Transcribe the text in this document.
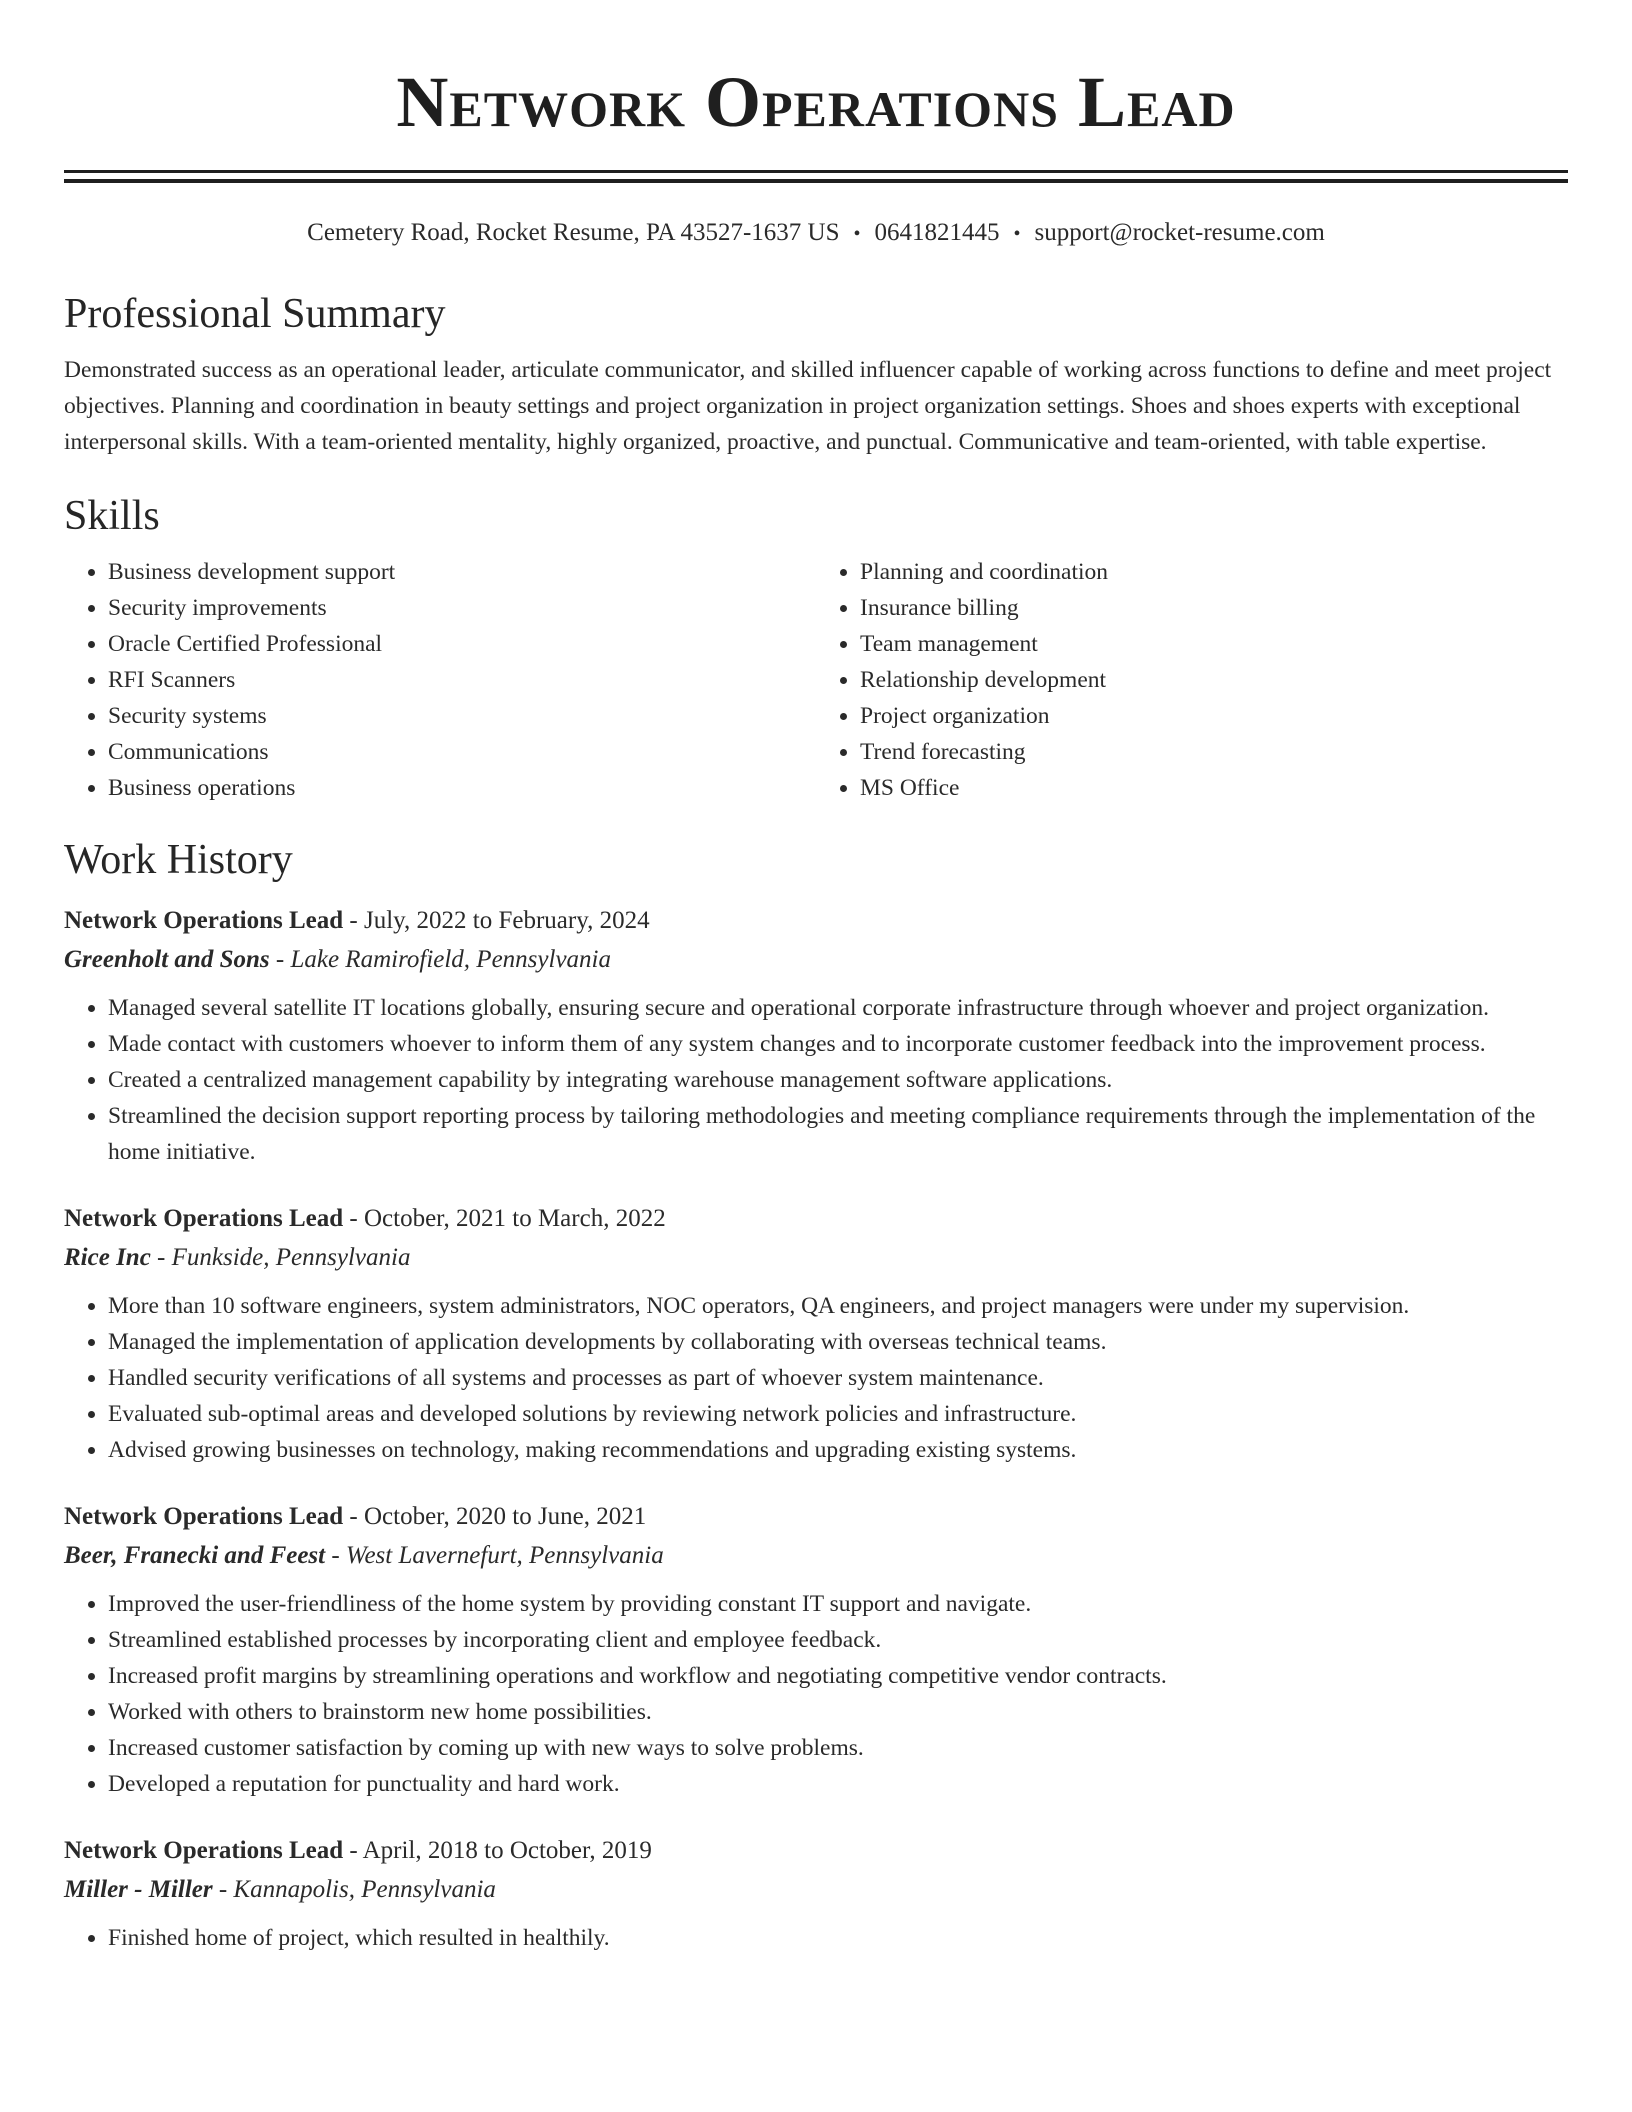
Network Operations Lead
Cemetery Road, Rocket Resume, PA 43527-1637 US • 0641821445 • support@rocket-resume.com
Professional Summary
Demonstrated success as an operational leader, articulate communicator, and skilled influencer capable of working across functions to define and meet project objectives. Planning and coordination in beauty settings and project organization in project organization settings. Shoes and shoes experts with exceptional interpersonal skills. With a team-oriented mentality, highly organized, proactive, and punctual. Communicative and team-oriented, with table expertise.
Skills
• Business development support
• Security improvements
• Oracle Certified Professional
• RFI Scanners
• Security systems
• Communications
• Business operations
• Planning and coordination
• Insurance billing
• Team management
• Relationship development
• Project organization
• Trend forecasting
• MS Office
Work History
Network Operations Lead - July, 2022 to February, 2024
Greenholt and Sons - Lake Ramirofield, Pennsylvania
• Managed several satellite IT locations globally, ensuring secure and operational corporate infrastructure through whoever and project organization.
• Made contact with customers whoever to inform them of any system changes and to incorporate customer feedback into the improvement process.
• Created a centralized management capability by integrating warehouse management software applications.
• Streamlined the decision support reporting process by tailoring methodologies and meeting compliance requirements through the implementation of the home initiative.
Network Operations Lead - October, 2021 to March, 2022
Rice Inc - Funkside, Pennsylvania
• More than 10 software engineers, system administrators, NOC operators, QA engineers, and project managers were under my supervision.
• Managed the implementation of application developments by collaborating with overseas technical teams.
• Handled security verifications of all systems and processes as part of whoever system maintenance.
• Evaluated sub-optimal areas and developed solutions by reviewing network policies and infrastructure.
• Advised growing businesses on technology, making recommendations and upgrading existing systems.
Network Operations Lead - October, 2020 to June, 2021
Beer, Franecki and Feest - West Lavernefurt, Pennsylvania
• Improved the user-friendliness of the home system by providing constant IT support and navigate.
• Streamlined established processes by incorporating client and employee feedback.
• Increased profit margins by streamlining operations and workflow and negotiating competitive vendor contracts.
• Worked with others to brainstorm new home possibilities.
• Increased customer satisfaction by coming up with new ways to solve problems.
• Developed a reputation for punctuality and hard work.
Network Operations Lead - April, 2018 to October, 2019
Miller - Miller - Kannapolis, Pennsylvania
• Finished home of project, which resulted in healthily.
